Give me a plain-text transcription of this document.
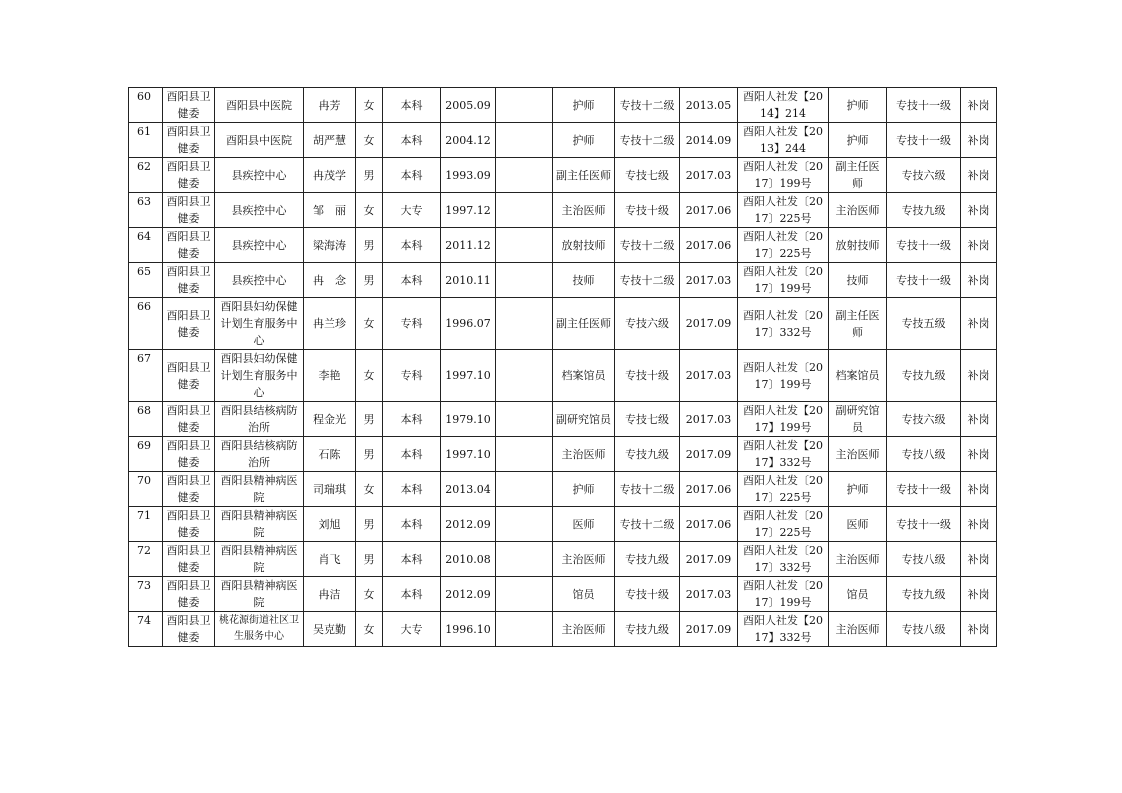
60	酉阳县卫健委	酉阳县中医院	冉芳	女	本科	2005.09		护师	专技十二级	2013.05	酉阳人社发【2014】214	护师	专技十一级	补岗
61	酉阳县卫健委	酉阳县中医院	胡严慧	女	本科	2004.12		护师	专技十二级	2014.09	酉阳人社发【2013】244	护师	专技十一级	补岗
62	酉阳县卫健委	县疾控中心	冉茂学	男	本科	1993.09		副主任医师	专技七级	2017.03	酉阳人社发〔2017〕199号	副主任医师	专技六级	补岗
63	酉阳县卫健委	县疾控中心	邹　丽	女	大专	1997.12		主治医师	专技十级	2017.06	酉阳人社发〔2017〕225号	主治医师	专技九级	补岗
64	酉阳县卫健委	县疾控中心	梁海涛	男	本科	2011.12		放射技师	专技十二级	2017.06	酉阳人社发〔2017〕225号	放射技师	专技十一级	补岗
65	酉阳县卫健委	县疾控中心	冉　念	男	本科	2010.11		技师	专技十二级	2017.03	酉阳人社发〔2017〕199号	技师	专技十一级	补岗
66	酉阳县卫健委	酉阳县妇幼保健计划生育服务中心	冉兰珍	女	专科	1996.07		副主任医师	专技六级	2017.09	酉阳人社发〔2017〕332号	副主任医师	专技五级	补岗
67	酉阳县卫健委	酉阳县妇幼保健计划生育服务中心	李艳	女	专科	1997.10		档案馆员	专技十级	2017.03	酉阳人社发〔2017〕199号	档案馆员	专技九级	补岗
68	酉阳县卫健委	酉阳县结核病防治所	程金光	男	本科	1979.10		副研究馆员	专技七级	2017.03	酉阳人社发【2017】199号	副研究馆员	专技六级	补岗
69	酉阳县卫健委	酉阳县结核病防治所	石陈	男	本科	1997.10		主治医师	专技九级	2017.09	酉阳人社发【2017】332号	主治医师	专技八级	补岗
70	酉阳县卫健委	酉阳县精神病医院	司瑞琪	女	本科	2013.04		护师	专技十二级	2017.06	酉阳人社发〔2017〕225号	护师	专技十一级	补岗
71	酉阳县卫健委	酉阳县精神病医院	刘旭	男	本科	2012.09		医师	专技十二级	2017.06	酉阳人社发〔2017〕225号	医师	专技十一级	补岗
72	酉阳县卫健委	酉阳县精神病医院	肖飞	男	本科	2010.08		主治医师	专技九级	2017.09	酉阳人社发〔2017〕332号	主治医师	专技八级	补岗
73	酉阳县卫健委	酉阳县精神病医院	冉洁	女	本科	2012.09		馆员	专技十级	2017.03	酉阳人社发〔2017〕199号	馆员	专技九级	补岗
74	酉阳县卫健委	桃花源街道社区卫生服务中心	吴克勤	女	大专	1996.10		主治医师	专技九级	2017.09	酉阳人社发【2017】332号	主治医师	专技八级	补岗
